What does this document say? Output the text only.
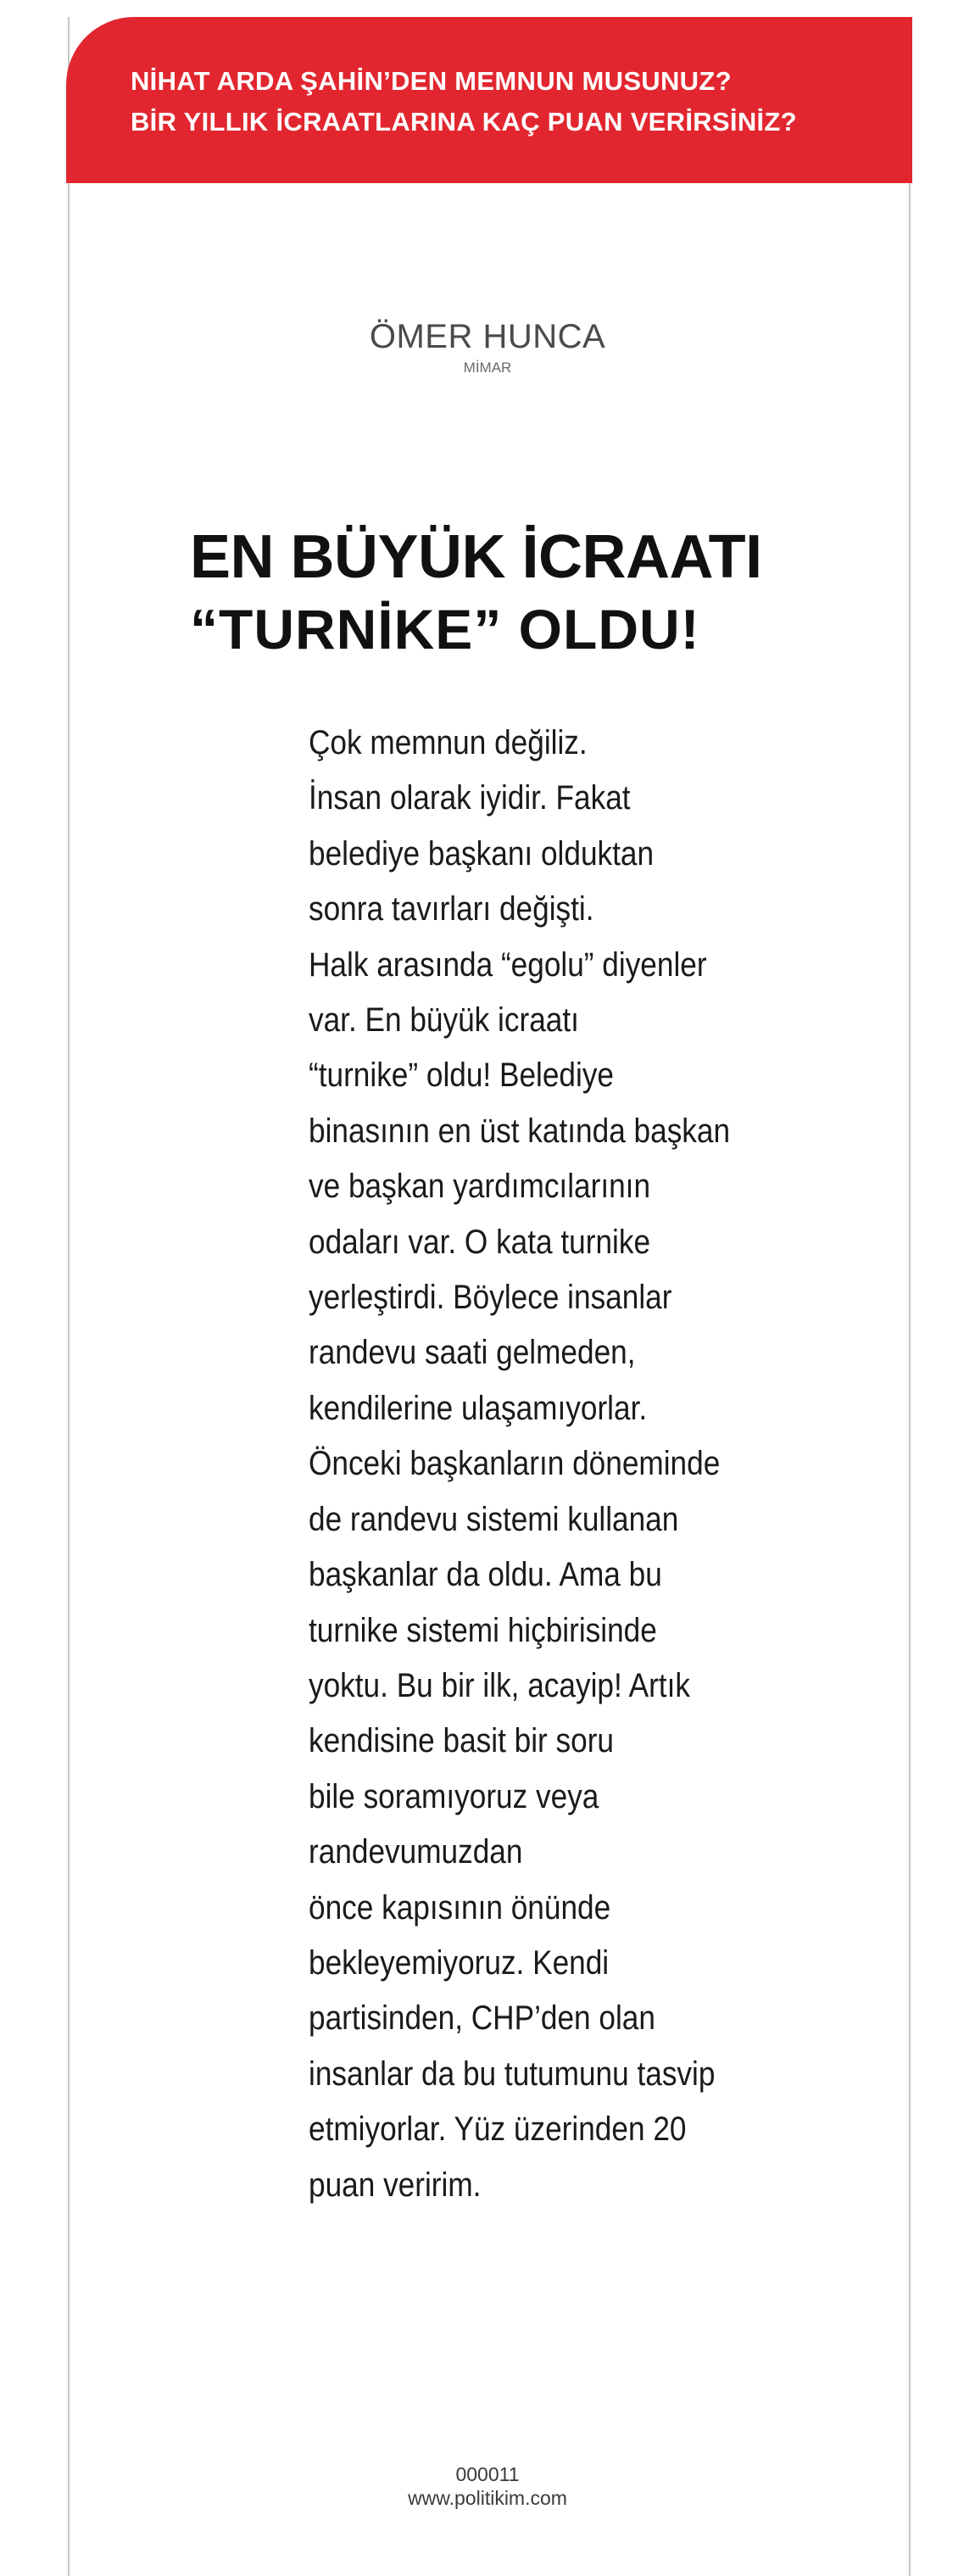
NİHAT ARDA ŞAHİN’DEN MEMNUN MUSUNUZ?
BİR YILLIK İCRAATLARINA KAÇ PUAN VERİRSİNİZ?
ÖMER HUNCA
MİMAR
EN BÜYÜK İCRAATI
“TURNİKE” OLDU!
Çok memnun değiliz.
İnsan olarak iyidir. Fakat
belediye başkanı olduktan
sonra tavırları değişti.
Halk arasında “egolu” diyenler
var. En büyük icraatı
“turnike” oldu! Belediye
binasının en üst katında başkan
ve başkan yardımcılarının
odaları var. O kata turnike
yerleştirdi. Böylece insanlar
randevu saati gelmeden,
kendilerine ulaşamıyorlar.
Önceki başkanların döneminde
de randevu sistemi kullanan
başkanlar da oldu. Ama bu
turnike sistemi hiçbirisinde
yoktu. Bu bir ilk, acayip! Artık
kendisine basit bir soru
bile soramıyoruz veya
randevumuzdan
önce kapısının önünde
bekleyemiyoruz. Kendi
partisinden, CHP’den olan
insanlar da bu tutumunu tasvip
etmiyorlar. Yüz üzerinden 20
puan veririm.
000011
www.politikim.com
